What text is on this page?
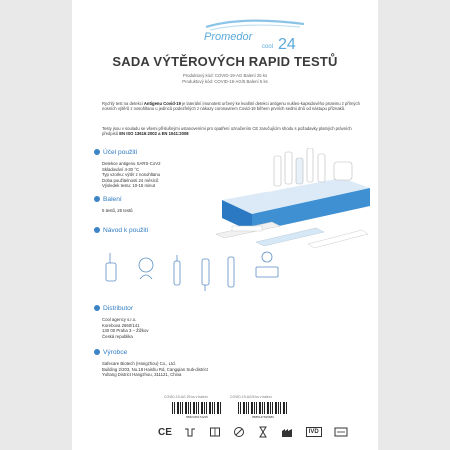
Promedor
cool 24
SADA VÝTĚROVÝCH RAPID TESTŮ
Produktový kód: COVID-19-AG Balení 25 ks
Produktový kód: COVID-19-AG/5 Balení 5 ks
Rychlý test na detekci Antigenu Covid-19 je laterální imunotest určený ke kvalitní detekci antigenu nukleo-kapsidového proteinu z přímých nosních výtěrů z nosohltanu u jedinců podezřelých z nákazy coronavirem Covid-19 během prvních sedmi dnů od nástupu příznaků.
Testy jsou v souladu se všemi příslušnými ustanoveními pro opatření označením CE zaručujícím shodu s požadavky platných právních předpisů EN ISO 13616:2002 a EN 1041:2008
Účel použití
Detekce antigenu SARS-CoV2
Skladování 4-30 °C
Typ vzorku: výtěr z nosohltanu
Doba použitelnosti 24 měsíců
Výsledek testu: 10-15 minut
Balení
5 testů, 25 testů
Návod k použití
Distributor
Cool agency s.r.o.
Korebova 2660/141
130 00 Praha 3 – Žižkov
Česká republika
Výrobce
Safecare Biotech (Hangzhou) Co., Ltd.
Building 2/203, No.18 Haishu Rd, Cangqian Sub-district
Yuhang District Hangzhou, 311121, China
COVID-19-AG 25 ks v balení
8582445174215
COVID-19-AG/5 ks v balení
8588147625680
CE	IVD
